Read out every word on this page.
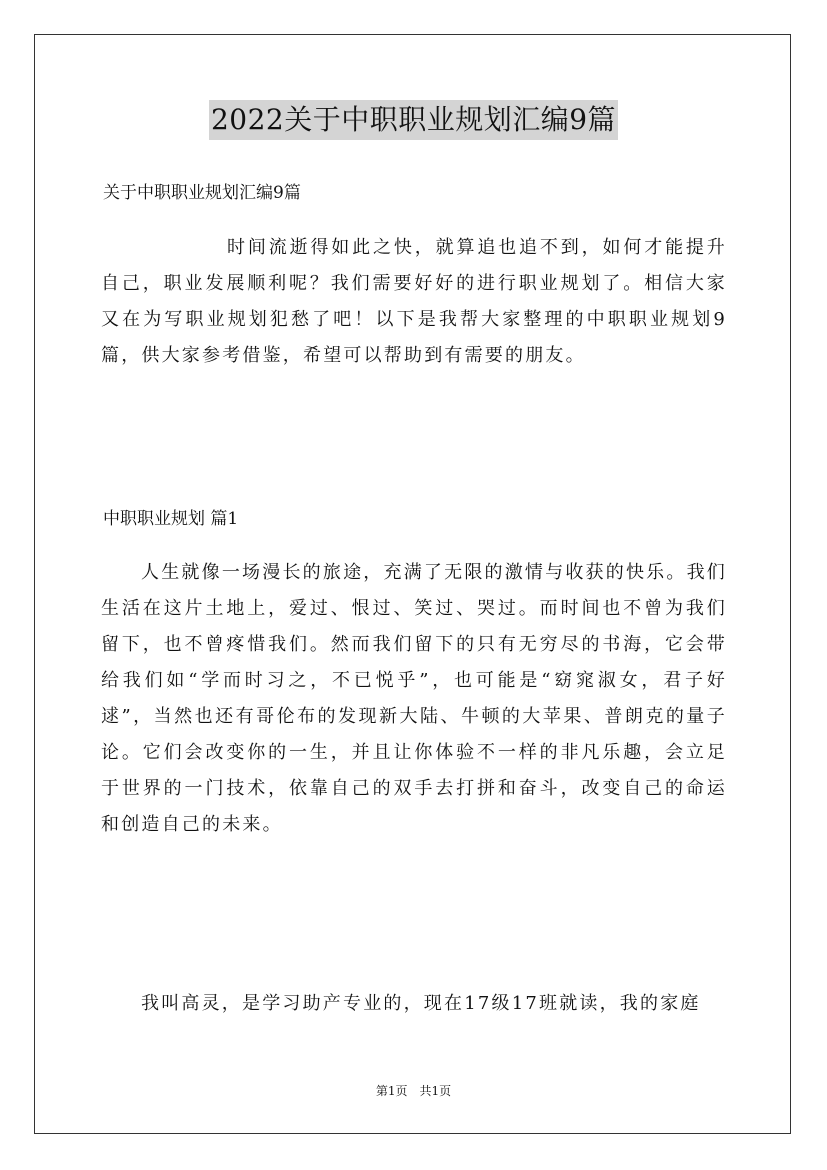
2022关于中职职业规划汇编9篇
关于中职职业规划汇编9篇

时间流逝得如此之快，就算追也追不到，如何才能提升自己，职业发展顺利呢？我们需要好好的进行职业规划了。相信大家又在为写职业规划犯愁了吧！以下是我帮大家整理的中职职业规划9篇，供大家参考借鉴，希望可以帮助到有需要的朋友。

中职职业规划 篇1

人生就像一场漫长的旅途，充满了无限的激情与收获的快乐。我们生活在这片土地上，爱过、恨过、笑过、哭过。而时间也不曾为我们留下，也不曾疼惜我们。然而我们留下的只有无穷尽的书海，它会带给我们如“学而时习之，不已悦乎”，也可能是“窈窕淑女，君子好逑”，当然也还有哥伦布的发现新大陆、牛顿的大苹果、普朗克的量子论。它们会改变你的一生，并且让你体验不一样的非凡乐趣，会立足于世界的一门技术，依靠自己的双手去打拼和奋斗，改变自己的命运和创造自己的未来。

我叫高灵，是学习助产专业的，现在17级17班就读，我的家庭

第1页 共1页
